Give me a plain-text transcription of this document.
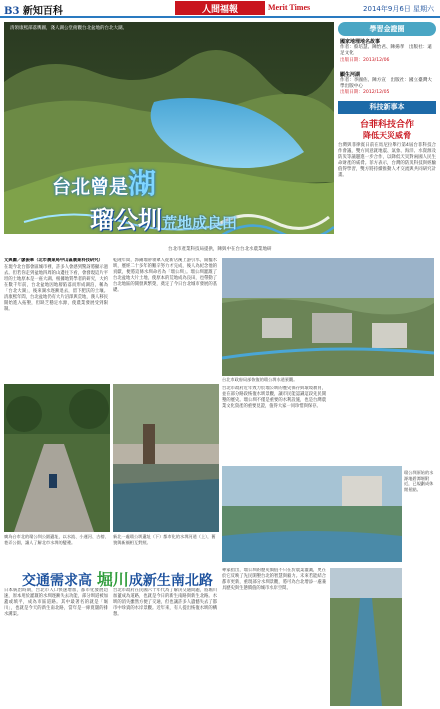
B3 新知百科	人間福報	Merit Times	2014年9月6日 星期六
清領康熙部落輿圖，淺人湖公堂俯觀台北盆地的台北大湖。
台北曾是湖
瑠公圳荒地成良田
台北市產業科技局提供，陳與中在台台北水農業地研
學習金證圈
國家地理地名故事
作者：蔡培慧、陳怡君、陳揚孝　出版社：遠足文化
出版日期：2013/12/06
顯生河湖
作者：李國佐、陳方宣　出版社：國立臺灣大學出版中心
出版日期：2012/12/05
科技新事本
台菲科技合作
降低天災威脅
台灣與菲律賓日前在馬尼拉舉行第4屆台菲科技合作會議，雙方同意就地震、氣象、海洋、水資源及防災等議題進一步合作，以降低天災對兩國人民生命財產的威脅。菲方表示，台灣的防災科技與經驗值得學習，雙方將持續推動人才交流與共同研究計畫。
文與圖／廖振華（北市農業局中山區農業科技研究）
在現今北台都會區城市裡，許多人會感到驚訝將顯示過去。但若你走到盆地四周的山邊往下看，會發現這片平坦的土地原本是一座大湖。根據地質學者的研究，大約在數千年前，台北盆地因地層陷落而形成湖泊，稱為「台北大湖」，後來湖水逐漸退去，留下肥沃的土壤。清康熙年間，台北盆地仍有大片沼澤與荒地，漢人移民開始進入拓墾，但缺乏穩定水源，使農業發展受到限制。
乾隆年間，郭錫瑠帶領眾人從新店溪上游引水，開鑿水圳，歷經二十多年的艱辛努力才完成，後人為紀念他的貢獻，便將這條水圳命名為「瑠公圳」。瑠公圳灌溉了台北盆地大片土地，使原本的荒地成為良田，也帶動了台北地區的開發與繁榮，奠定了今日台北城市發展的基礎。
台北市政府局部恢復的瑠公圳水道景觀。
台北市政府近年致力於瑠公圳的歷史保存與環境教育，並在部分路段恢復水圳景觀，讓市民能認識這段先民開墾的歷史。瑠公圳不僅是重要的水利設施，也是台灣農業文化資產的重要見證，值得大家一同珍惜與保存。
廣為台市北的瑠公圳公園遺址，以水流、小運河、古榕、巷弄公園，讓人了解北市水圳的變遷。
新北一處瑠公圳遺址（下）都市化的水圳河道（上），舊貌與新顏相互對照。
瑠公圳原始的水源地碧潭堰附近，已規劃成休閒景點。
交通需求高 堀川成新生南北路
日本統治時期，台北市人口快速增加，都市化發展迅速，原本用於灌溉的水圳逐漸失去功能，部分圳道被加蓋或填平，成為市區道路。其中最著名的就是「堀川」，也就是今天的新生南北路，當年是一條寬闊的排水溝渠。
台北市政府在民國六十年代為了解決交通問題，將堀川加蓋成為道路，也就是今日的新生南路與新生北路。水圳的消失雖然方便了交通，但也讓許多人遺憾失去了都市中珍貴的水岸景觀。近年來，有人提出恢復水圳的構想。
專家指出，瑠公圳的歷史價值不只在於農業灌溉，更在於它反映了先民開墾台北的智慧與毅力。未來若能結合都市更新，重現部分水圳景觀，將可為台北增添一處兼具歷史與生態價值的城市水岸空間。
